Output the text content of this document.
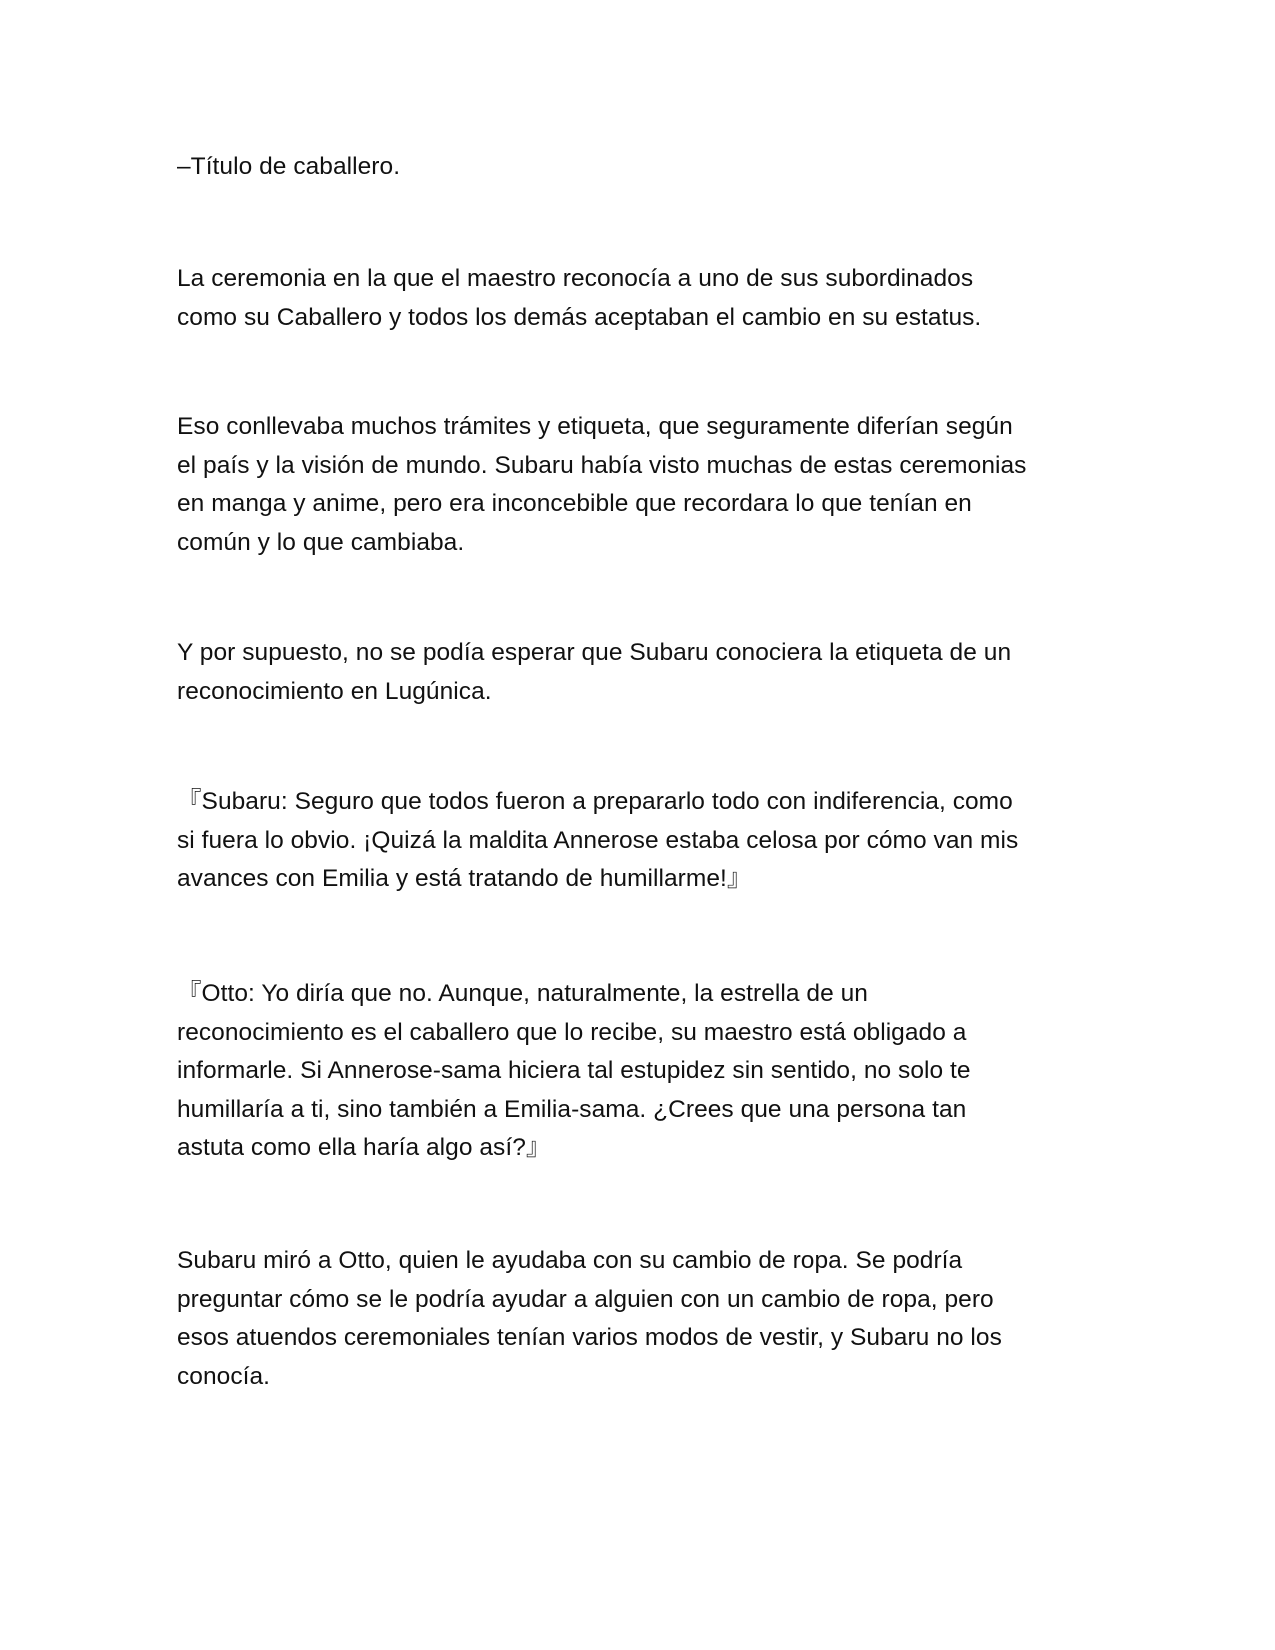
–Título de caballero.

La ceremonia en la que el maestro reconocía a uno de sus subordinados
como su Caballero y todos los demás aceptaban el cambio en su estatus.

Eso conllevaba muchos trámites y etiqueta, que seguramente diferían según
el país y la visión de mundo. Subaru había visto muchas de estas ceremonias
en manga y anime, pero era inconcebible que recordara lo que tenían en
común y lo que cambiaba.

Y por supuesto, no se podía esperar que Subaru conociera la etiqueta de un
reconocimiento en Lugúnica.

『Subaru: Seguro que todos fueron a prepararlo todo con indiferencia, como
si fuera lo obvio. ¡Quizá la maldita Annerose estaba celosa por cómo van mis
avances con Emilia y está tratando de humillarme!』

『Otto: Yo diría que no. Aunque, naturalmente, la estrella de un
reconocimiento es el caballero que lo recibe, su maestro está obligado a
informarle. Si Annerose-sama hiciera tal estupidez sin sentido, no solo te
humillaría a ti, sino también a Emilia-sama. ¿Crees que una persona tan
astuta como ella haría algo así?』

Subaru miró a Otto, quien le ayudaba con su cambio de ropa. Se podría
preguntar cómo se le podría ayudar a alguien con un cambio de ropa, pero
esos atuendos ceremoniales tenían varios modos de vestir, y Subaru no los
conocía.
